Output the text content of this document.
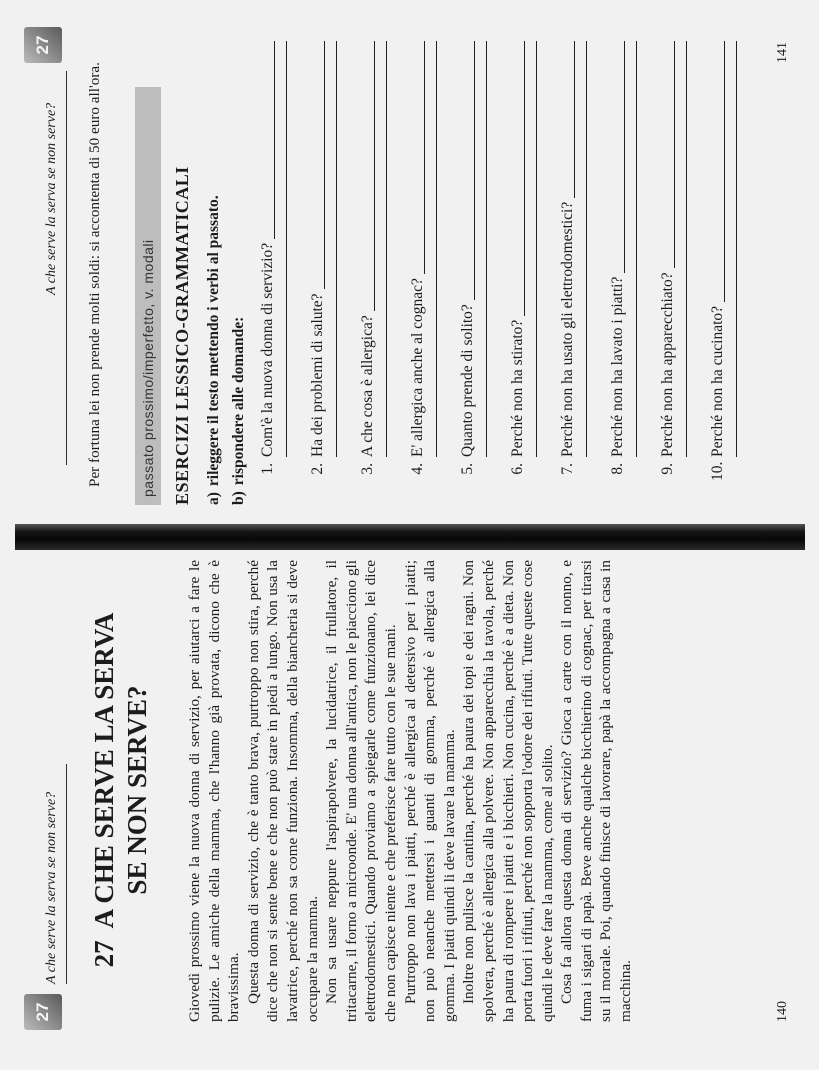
27
A che serve la serva se non serve? 27A CHE SERVE LA SERVA SE NON SERVE? Giovedì prossimo viene la nuova donna di servizio, per aiutarci a fare le pulizie. Le amiche della mamma, che l'hanno già provata, dicono che è bravissima. Questa donna di servizio, che è tanto brava, purtroppo non stira, perché dice che non si sente bene e che non può stare in piedi a lungo. Non usa la lavatrice, perché non sa come funziona. Insomma, della biancheria si deve occupare la mamma. Non sa usare neppure l'aspirapolvere, la lucidatrice, il frullatore, il tritacarne, il forno a microonde. E' una donna all'antica, non le piacciono gli elettrodomestici. Quando proviamo a spiegarle come funzionano, lei dice che non capisce niente e che preferisce fare tutto con le sue mani. Purtroppo non lava i piatti, perché è allergica al detersivo per i piatti; non può neanche mettersi i guanti di gomma, perché è allergica alla gomma. I piatti quindi li deve lavare la mamma. Inoltre non pulisce la cantina, perché ha paura dei topi e dei ragni. Non spolvera, perché è allergica alla polvere. Non apparecchia la tavola, perché ha paura di rompere i piatti e i bicchieri. Non cucina, perché è a dieta. Non porta fuori i rifiuti, perché non sopporta l'odore dei rifiuti. Tutte queste cose quindi le deve fare la mamma, come al solito. Cosa fa allora questa donna di servizio? Gioca a carte con il nonno, e fuma i sigari di papà. Beve anche qualche bicchierino di cognac, per tirarsi su il morale. Poi, quando finisce di lavorare, papà la accompagna a casa in macchina.	140
A che serve la serva se non serve?
27

Per fortuna lei non prende molti soldi: si accontenta di 50 euro all'ora.	passato prossimo/imperfetto, v. modali ESERCIZI LESSICO-GRAMMATICALI a)rileggere il testo mettendo i verbi al passato.
b)rispondere alle domande: 1.
Com'è la nuova donna di servizio?
2.
Ha dei problemi di salute?
3.
A che cosa è allergica?
4.
E' allergica anche al cognac?
5.
Quanto prende di solito?
6.
Perché non ha stirato?
7.
Perché non ha usato gli elettrodomestici?
8.
Perché non ha lavato i piatti?
9.
Perché non ha apparecchiato?
10.
Perché non ha cucinato?
141
